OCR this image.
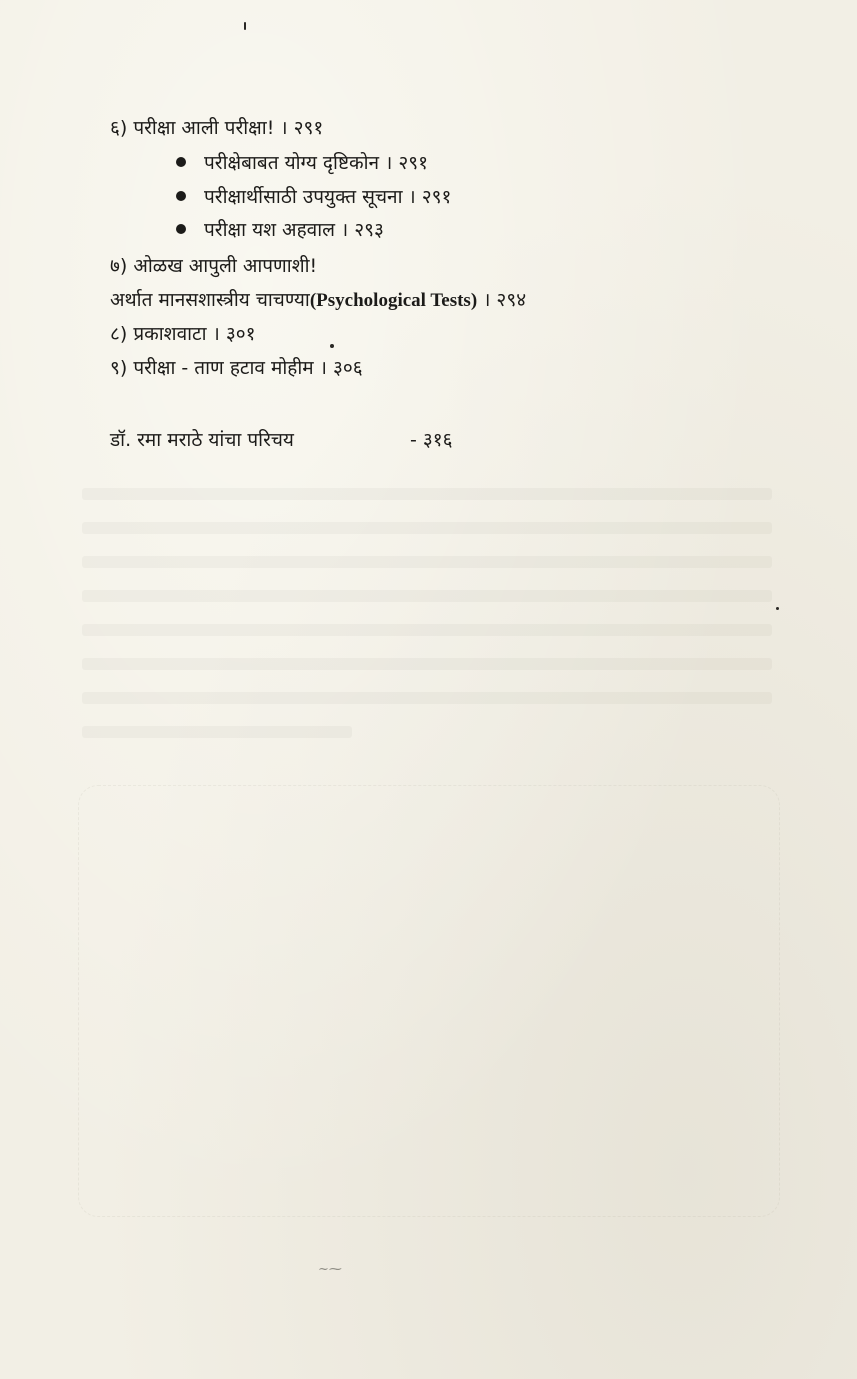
६) परीक्षा आली परीक्षा! । २९१
परीक्षेबाबत योग्य दृष्टिकोन । २९१
परीक्षार्थीसाठी उपयुक्त सूचना । २९१
परीक्षा यश अहवाल । २९३
७) ओळख आपुली आपणाशी!
अर्थात मानसशास्त्रीय चाचण्या(Psychological Tests) । २९४
८) प्रकाशवाटा । ३०१
९) परीक्षा - ताण हटाव मोहीम । ३०६
डॉ. रमा मराठे यांचा परिचय	- ३१६
~⁓
